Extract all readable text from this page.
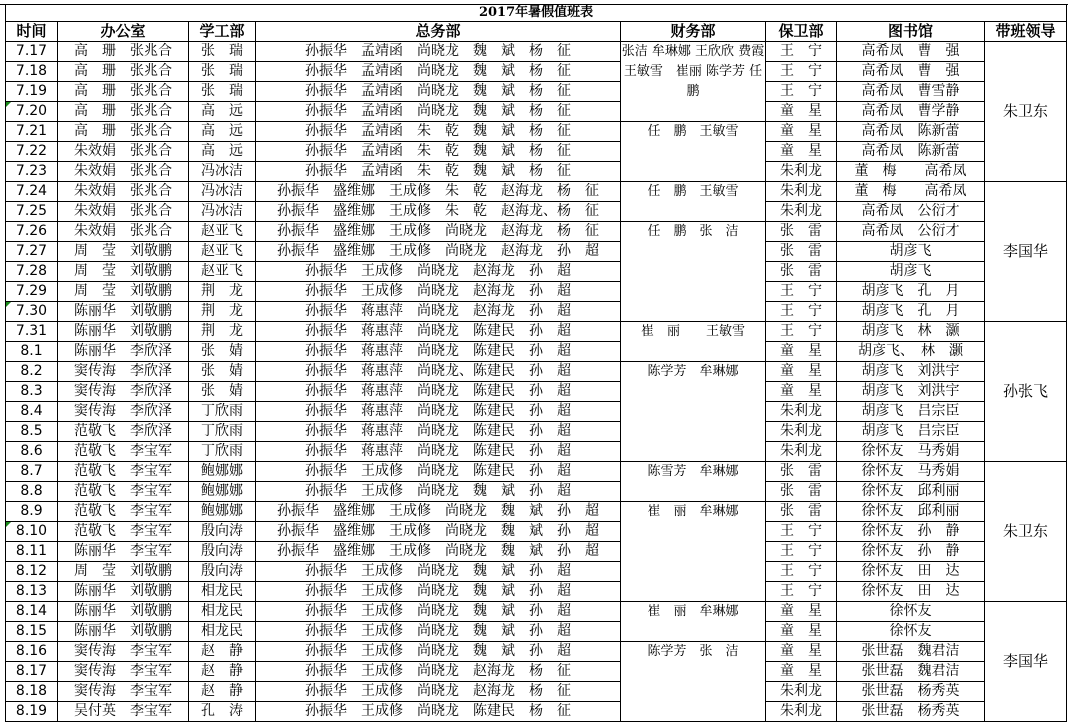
2017年暑假值班表							
时间	办公室	学工部	总务部	财务部	保卫部	图书馆	带班领导
7.17	高　珊　张兆合	张　瑞	孙振华　孟靖函　尚晓龙　魏　斌　杨　征	张洁 牟琳娜 王欣欣 费霞 王敏雪　崔丽 陈学芳 任鹏	王　宁	高希凤　曹　强	朱卫东
7.18	高　珊　张兆合	张　瑞	孙振华　孟靖函　尚晓龙　魏　斌　杨　征		王　宁	高希凤　曹　强	
7.19	高　珊　张兆合	张　瑞	孙振华　孟靖函　尚晓龙　魏　斌　杨　征		王　宁	高希凤　曹雪静	

7.20	高　珊　张兆合	高　远	孙振华　孟靖函　尚晓龙　魏　斌　杨　征		童　星	高希凤　曹学静	
7.21	高　珊　张兆合	高　远	孙振华　孟靖函　朱　乾　魏　斌　杨　征	任　鹏　王敏雪	童　星	高希凤　陈新蕾	
7.22	朱效娟　张兆合	高　远	孙振华　孟靖函　朱　乾　魏　斌　杨　征		童　星	高希凤　陈新蕾	
7.23	朱效娟　张兆合	冯冰洁	孙振华　孟靖函　朱　乾　魏　斌　杨　征		朱利龙	董　梅　　高希凤	
7.24	朱效娟　张兆合	冯冰洁	孙振华　盛维娜　王成修　朱　乾　赵海龙　杨　征	任　鹏　王敏雪	朱利龙	董　梅　　高希凤	李国华
7.25	朱效娟　张兆合	冯冰洁	孙振华　盛维娜　王成修　朱　乾　赵海龙、杨　征		朱利龙	高希凤　公衍才	
7.26	朱效娟　张兆合	赵亚飞	孙振华　盛维娜　王成修　尚晓龙　赵海龙　杨　征	任　鹏　张　洁	张　雷	高希凤　公衍才	
7.27	周　莹　刘敬鹏	赵亚飞	孙振华　盛维娜　王成修　尚晓龙　赵海龙　孙　超		张　雷	胡彦飞	
7.28	周　莹　刘敬鹏	赵亚飞	孙振华　王成修　尚晓龙　赵海龙　孙　超		张　雷	胡彦飞	
7.29	周　莹　刘敬鹏	荆　龙	孙振华　王成修　尚晓龙　赵海龙　孙　超		王　宁	胡彦飞　孔　月	

7.30	陈丽华　刘敬鹏	荆　龙	孙振华　蒋惠萍　尚晓龙　赵海龙　孙　超		王　宁	胡彦飞　孔　月	
7.31	陈丽华　刘敬鹏	荆　龙	孙振华　蒋惠萍　尚晓龙　陈建民　孙　超	崔　丽　　王敏雪	王　宁	胡彦飞　林　灏	孙张飞
8.1	陈丽华　李欣泽	张　婧	孙振华　蒋惠萍　尚晓龙　陈建民　孙　超		童　星	胡彦飞、　林　灏	
8.2	窦传海　李欣泽	张　婧	孙振华　蒋惠萍　尚晓龙、陈建民　孙　超	陈学芳　牟琳娜	童　星	胡彦飞　刘洪宇	
8.3	窦传海　李欣泽	张　婧	孙振华　蒋惠萍　尚晓龙　陈建民　孙　超		童　星	胡彦飞　刘洪宇	
8.4	窦传海　李欣泽	丁欣雨	孙振华　蒋惠萍　尚晓龙　陈建民　孙　超		朱利龙	胡彦飞　吕宗臣	
8.5	范敬飞　李欣泽	丁欣雨	孙振华　蒋惠萍　尚晓龙　陈建民　孙　超		朱利龙	胡彦飞　吕宗臣	
8.6	范敬飞　李宝军	丁欣雨	孙振华　蒋惠萍　尚晓龙　陈建民　孙　超		朱利龙	徐怀友　马秀娟	
8.7	范敬飞　李宝军	鲍娜娜	孙振华　王成修　尚晓龙　陈建民　孙　超	陈雪芳　牟琳娜	张　雷	徐怀友　马秀娟	朱卫东
8.8	范敬飞　李宝军	鲍娜娜	孙振华　王成修　尚晓龙　魏　斌　孙　超		张　雷	徐怀友　邱利丽	
8.9	范敬飞　李宝军	鲍娜娜	孙振华　盛维娜　王成修　尚晓龙　魏　斌　孙　超	崔　丽　牟琳娜	张　雷	徐怀友　邱利丽	

8.10	范敬飞　李宝军	殷向涛	孙振华　盛维娜　王成修　尚晓龙　魏　斌　孙　超		王　宁	徐怀友　孙　静	
8.11	陈丽华　李宝军	殷向涛	孙振华　盛维娜　王成修　尚晓龙　魏　斌　孙　超		王　宁	徐怀友　孙　静	
8.12	周　莹　刘敬鹏	殷向涛	孙振华　王成修　尚晓龙　魏　斌　孙　超		王　宁	徐怀友　田　达	
8.13	陈丽华　刘敬鹏	相龙民	孙振华　王成修　尚晓龙　魏　斌　孙　超		王　宁	徐怀友　田　达	
8.14	陈丽华　刘敬鹏	相龙民	孙振华　王成修　尚晓龙　魏　斌　孙　超	崔　丽　牟琳娜	童　星	徐怀友	李国华
8.15	陈丽华　刘敬鹏	相龙民	孙振华　王成修　尚晓龙　魏　斌　孙　超		童　星	徐怀友	
8.16	窦传海　李宝军	赵　静	孙振华　王成修　尚晓龙　魏　斌　孙　超	陈学芳　张　洁	童　星	张世磊　魏君洁	
8.17	窦传海　李宝军	赵　静	孙振华　王成修　尚晓龙　赵海龙　杨　征		童　星	张世磊　魏君洁	
8.18	窦传海　李宝军	赵　静	孙振华　王成修　尚晓龙　赵海龙　杨　征		朱利龙	张世磊　杨秀英	
8.19	吴付英　李宝军	孔　涛	孙振华　王成修　尚晓龙　陈建民　杨　征		朱利龙	张世磊　杨秀英	
